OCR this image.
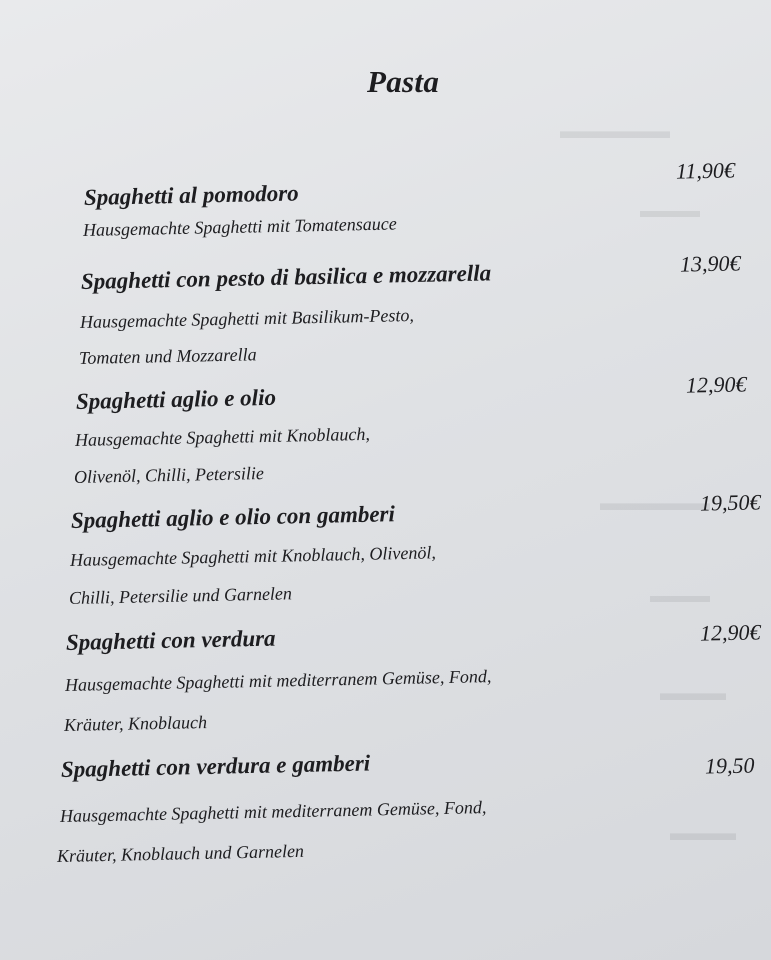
▬▬▬▬▬
▬▬▬
▬▬▬▬▬
▬▬▬
▬▬▬
▬▬▬
Pasta
11,90€
Spaghetti al pomodoro
Hausgemachte Spaghetti mit Tomatensauce
13,90€
Spaghetti con pesto di basilica e mozzarella
Hausgemachte Spaghetti mit Basilikum-Pesto,
Tomaten und Mozzarella
12,90€
Spaghetti aglio e olio
Hausgemachte Spaghetti mit Knoblauch,
Olivenöl, Chilli, Petersilie
19,50€
Spaghetti aglio e olio con gamberi
Hausgemachte Spaghetti mit Knoblauch, Olivenöl,
Chilli, Petersilie und Garnelen
12,90€
Spaghetti con verdura
Hausgemachte Spaghetti mit mediterranem Gemüse, Fond,
Kräuter, Knoblauch
19,50
Spaghetti con verdura e gamberi
Hausgemachte Spaghetti mit mediterranem Gemüse, Fond,
Kräuter, Knoblauch und Garnelen
